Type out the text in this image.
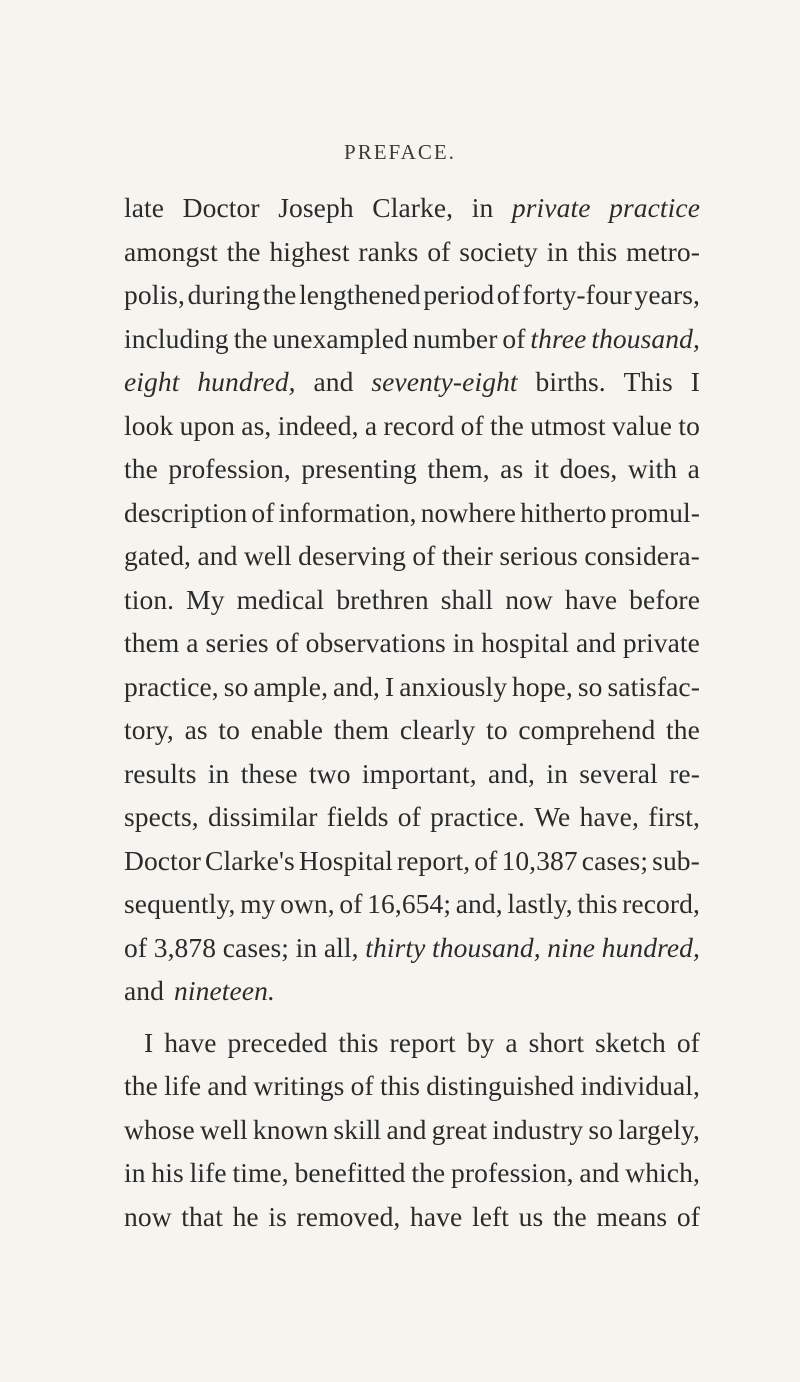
PREFACE.
late Doctor Joseph Clarke, in private practice
amongst the highest ranks of society in this metro-
polis, during the lengthened period of forty-four years,
including the unexampled number of three thousand,
eight hundred, and seventy-eight births. This I
look upon as, indeed, a record of the utmost value to
the profession, presenting them, as it does, with a
description of information, nowhere hitherto promul-
gated, and well deserving of their serious considera-
tion. My medical brethren shall now have before
them a series of observations in hospital and private
practice, so ample, and, I anxiously hope, so satisfac-
tory, as to enable them clearly to comprehend the
results in these two important, and, in several re-
spects, dissimilar fields of practice. We have, first,
Doctor Clarke's Hospital report, of 10,387 cases; sub-
sequently, my own, of 16,654; and, lastly, this record,
of 3,878 cases; in all, thirty thousand, nine hundred,
and nineteen.
I have preceded this report by a short sketch of
the life and writings of this distinguished individual,
whose well known skill and great industry so largely,
in his life time, benefitted the profession, and which,
now that he is removed, have left us the means of
